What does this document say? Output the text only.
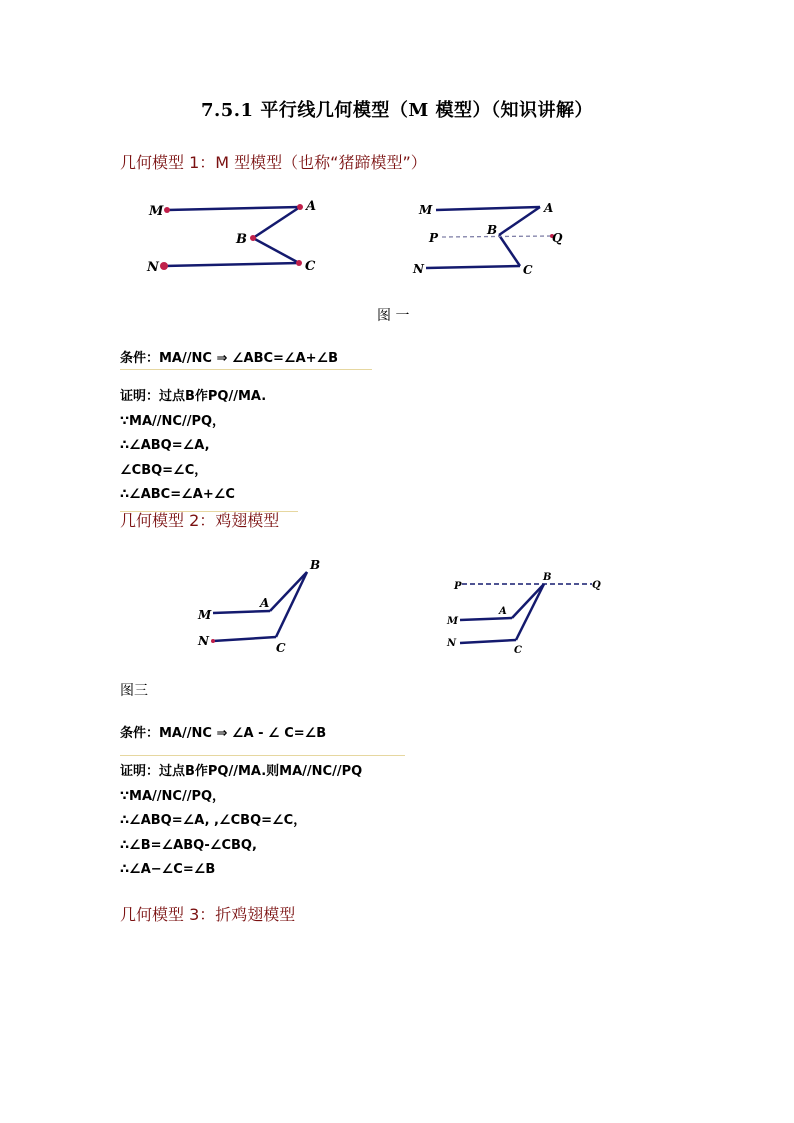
7.5.1 平行线几何模型（M 模型）（知识讲解）
几何模型 1：M 型模型（也称“猪蹄模型”）
M	A
B
C
N
M	A
B
P	Q
C
N
图 一
条件：MA//NC ⇒ ∠ABC=∠A+∠B
证明：过点B作PQ//MA.
∵MA//NC//PQ，
∴∠ABQ=∠A, ∠CBQ=∠C，
∴∠ABC=∠A+∠C
几何模型 2：鸡翅模型
B
A
M
N	C
P
B
Q
A
M
N
C
图三
条件：MA//NC ⇒ ∠A - ∠ C=∠B
证明：过点B作PQ//MA.则MA//NC//PQ
∵MA//NC//PQ，
∴∠ABQ=∠A, ,∠CBQ=∠C，
∴∠B=∠ABQ-∠CBQ,
∴∠A−∠C=∠B
几何模型 3：折鸡翅模型
